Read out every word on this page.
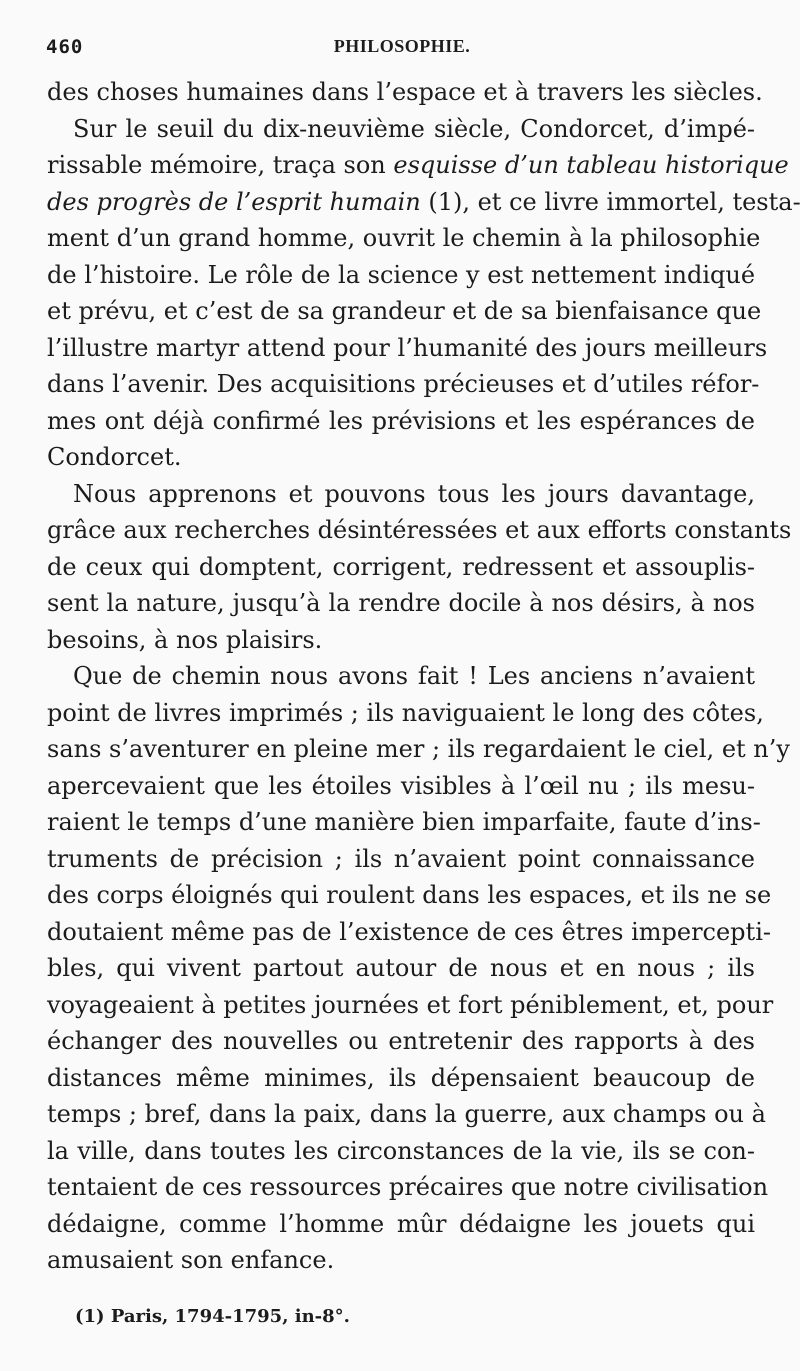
460	PHILOSOPHIE.
des choses humaines dans l’espace et à travers les siècles.
Sur le seuil du dix-neuvième siècle, Condorcet, d’impé-
rissable mémoire, traça son esquisse d’un tableau historique
des progrès de l’esprit humain (1), et ce livre immortel, testa-
ment d’un grand homme, ouvrit le chemin à la philosophie
de l’histoire. Le rôle de la science y est nettement indiqué
et prévu, et c’est de sa grandeur et de sa bienfaisance que
l’illustre martyr attend pour l’humanité des jours meilleurs
dans l’avenir. Des acquisitions précieuses et d’utiles réfor-
mes ont déjà confirmé les prévisions et les espérances de
Condorcet.
Nous apprenons et pouvons tous les jours davantage,
grâce aux recherches désintéressées et aux efforts constants
de ceux qui domptent, corrigent, redressent et assouplis-
sent la nature, jusqu’à la rendre docile à nos désirs, à nos
besoins, à nos plaisirs.
Que de chemin nous avons fait ! Les anciens n’avaient
point de livres imprimés ; ils naviguaient le long des côtes,
sans s’aventurer en pleine mer ; ils regardaient le ciel, et n’y
apercevaient que les étoiles visibles à l’œil nu ; ils mesu-
raient le temps d’une manière bien imparfaite, faute d’ins-
truments de précision ; ils n’avaient point connaissance
des corps éloignés qui roulent dans les espaces, et ils ne se
doutaient même pas de l’existence de ces êtres impercepti-
bles, qui vivent partout autour de nous et en nous ; ils
voyageaient à petites journées et fort péniblement, et, pour
échanger des nouvelles ou entretenir des rapports à des
distances même minimes, ils dépensaient beaucoup de
temps ; bref, dans la paix, dans la guerre, aux champs ou à
la ville, dans toutes les circonstances de la vie, ils se con-
tentaient de ces ressources précaires que notre civilisation
dédaigne, comme l’homme mûr dédaigne les jouets qui
amusaient son enfance.
(1) Paris, 1794-1795, in-8°.
